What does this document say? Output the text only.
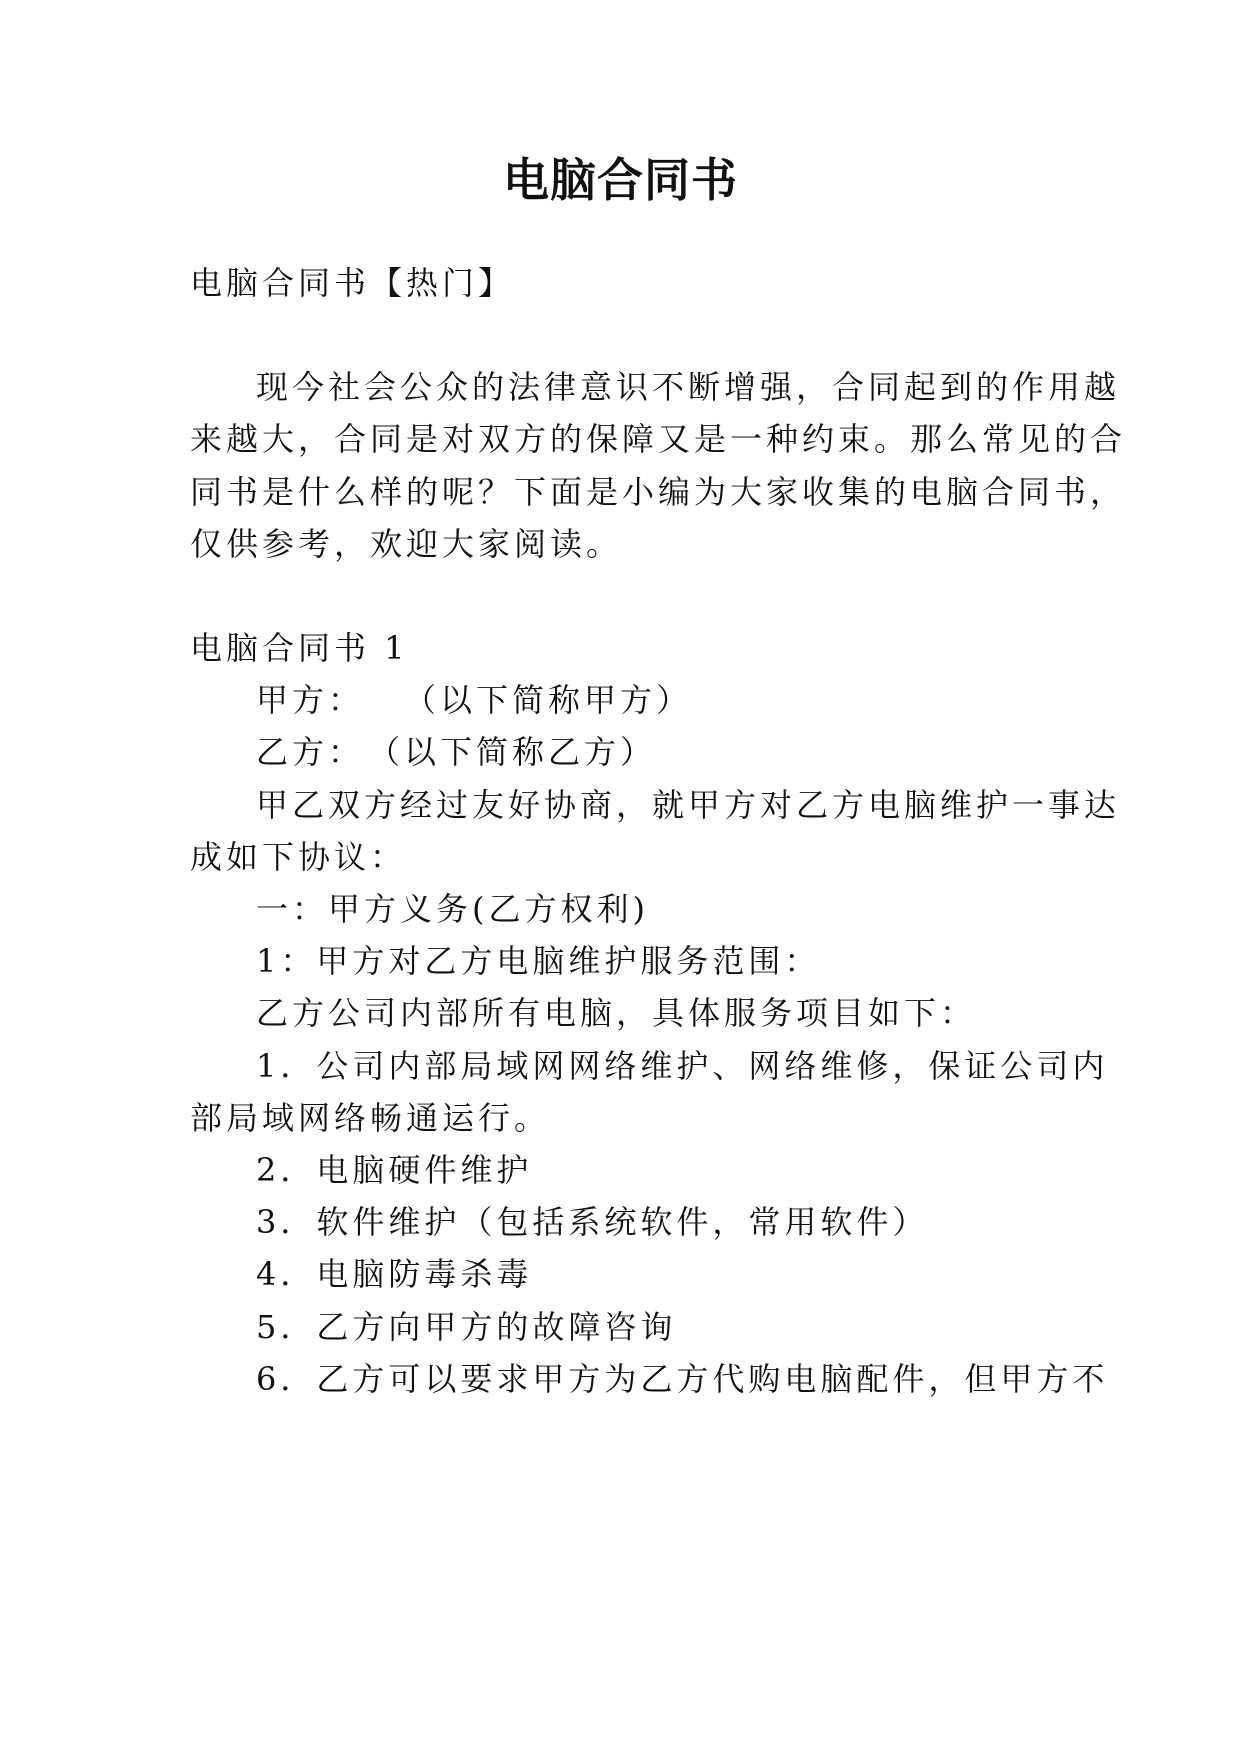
电脑合同书
电脑合同书【热门】
现今社会公众的法律意识不断增强，合同起到的作用越
来越大，合同是对双方的保障又是一种约束。那么常见的合
同书是什么样的呢？下面是小编为大家收集的电脑合同书，
仅供参考，欢迎大家阅读。
电脑合同书 1
甲方：　　（以下简称甲方）
乙方：　（以下简称乙方）
甲乙双方经过友好协商，就甲方对乙方电脑维护一事达
成如下协议：
一：甲方义务(乙方权利)
1：甲方对乙方电脑维护服务范围：
乙方公司内部所有电脑，具体服务项目如下：
1．公司内部局域网网络维护、网络维修，保证公司内
部局域网络畅通运行。
2．电脑硬件维护
3．软件维护（包括系统软件，常用软件）
4．电脑防毒杀毒
5．乙方向甲方的故障咨询
6．乙方可以要求甲方为乙方代购电脑配件，但甲方不
